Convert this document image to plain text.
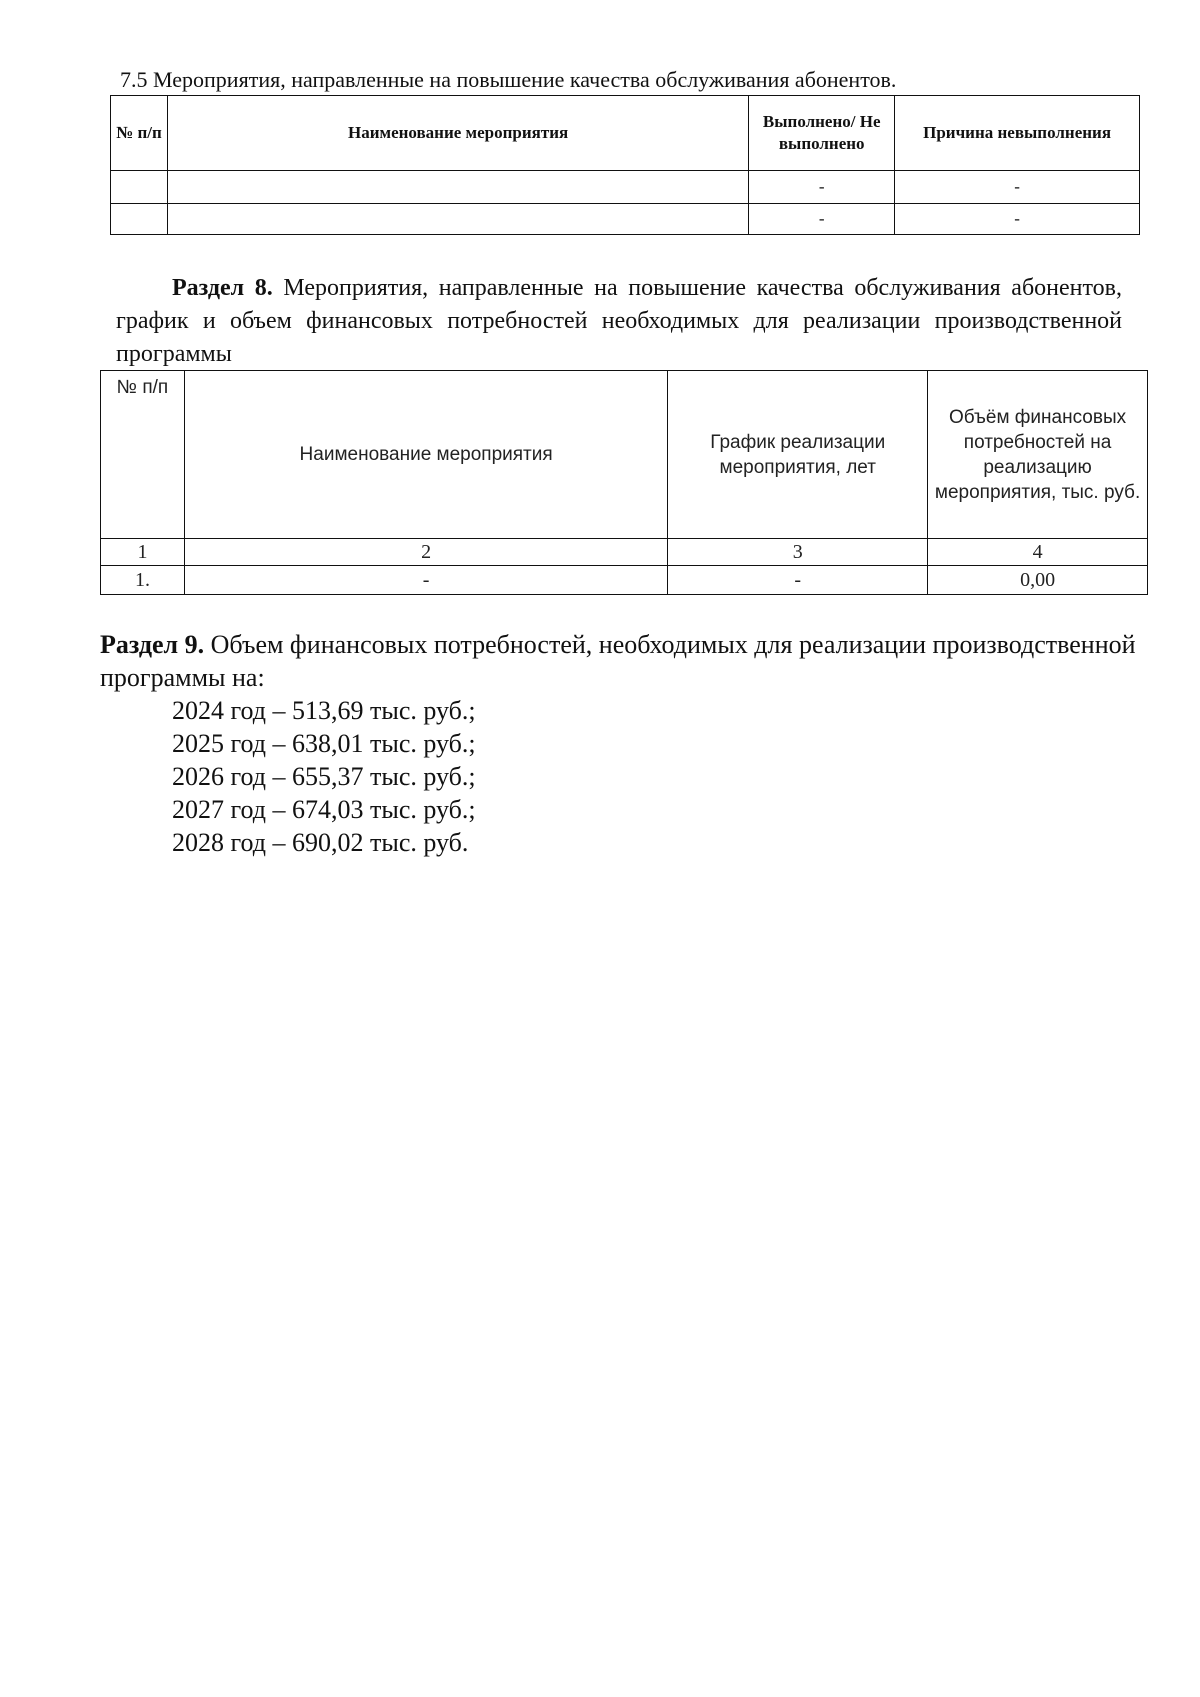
7.5 Мероприятия, направленные на повышение качества обслуживания абонентов.
№ п/п	Наименование мероприятия	Выполнено/ Не выполнено	Причина невыполнения
		-	-
		-	-
Раздел 8. Мероприятия, направленные на повышение качества обслуживания абонентов, график и объем финансовых потребностей необходимых для реализации производственной программы
№ п/п	Наименование мероприятия	График реализации мероприятия, лет	Объём финансовых потребностей на реализацию мероприятия, тыс. руб.
1	2	3	4
1.	-	-	0,00
Раздел 9. Объем финансовых потребностей, необходимых для реализации производственной программы на:
2024 год – 513,69 тыс. руб.;
2025 год – 638,01 тыс. руб.;
2026 год – 655,37 тыс. руб.;
2027 год – 674,03 тыс. руб.;
2028 год – 690,02 тыс. руб.
